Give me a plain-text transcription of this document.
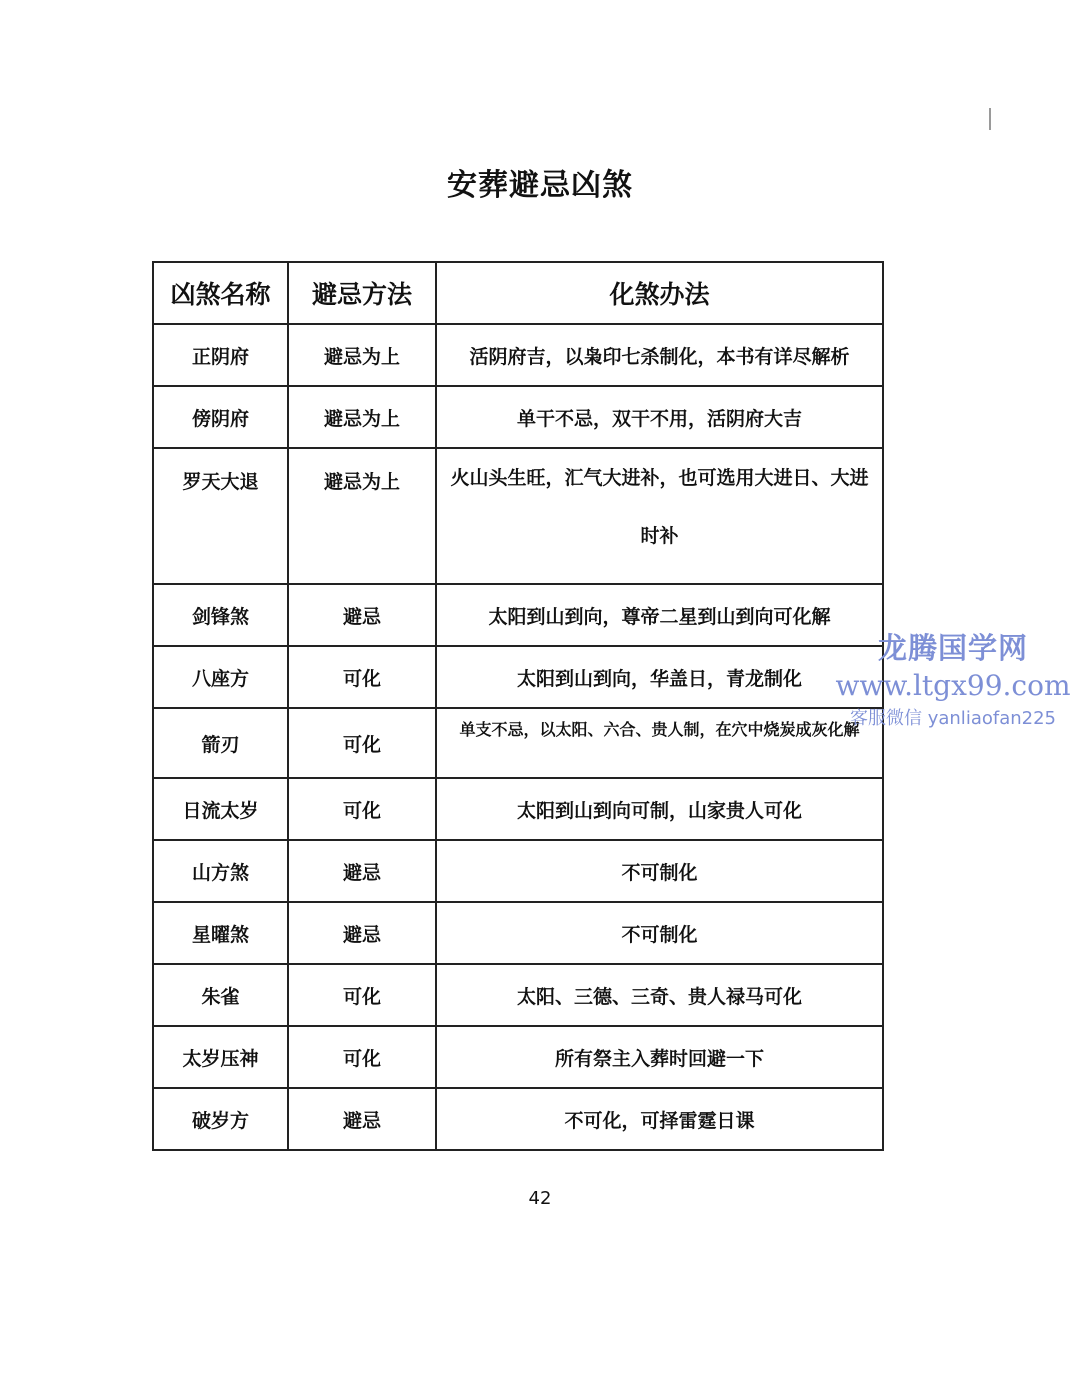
安葬避忌凶煞
凶煞名称	避忌方法	化煞办法
正阴府	避忌为上	活阴府吉，以枭印七杀制化，本书有详尽解析
傍阴府	避忌为上	单干不忌，双干不用，活阴府大吉
罗天大退	避忌为上	火山头生旺，汇气大进补，也可选用大进日、大进时补
剑锋煞	避忌	太阳到山到向，尊帝二星到山到向可化解
八座方	可化	太阳到山到向，华盖日，青龙制化
箭刃	可化	单支不忌，以太阳、六合、贵人制，在穴中烧炭成灰化解
日流太岁	可化	太阳到山到向可制，山家贵人可化
山方煞	避忌	不可制化
星曜煞	避忌	不可制化
朱雀	可化	太阳、三德、三奇、贵人禄马可化
太岁压神	可化	所有祭主入葬时回避一下
破岁方	避忌	不可化，可择雷霆日课
龙腾国学网
www.ltgx99.com
客服微信 yanliaofan225
42
